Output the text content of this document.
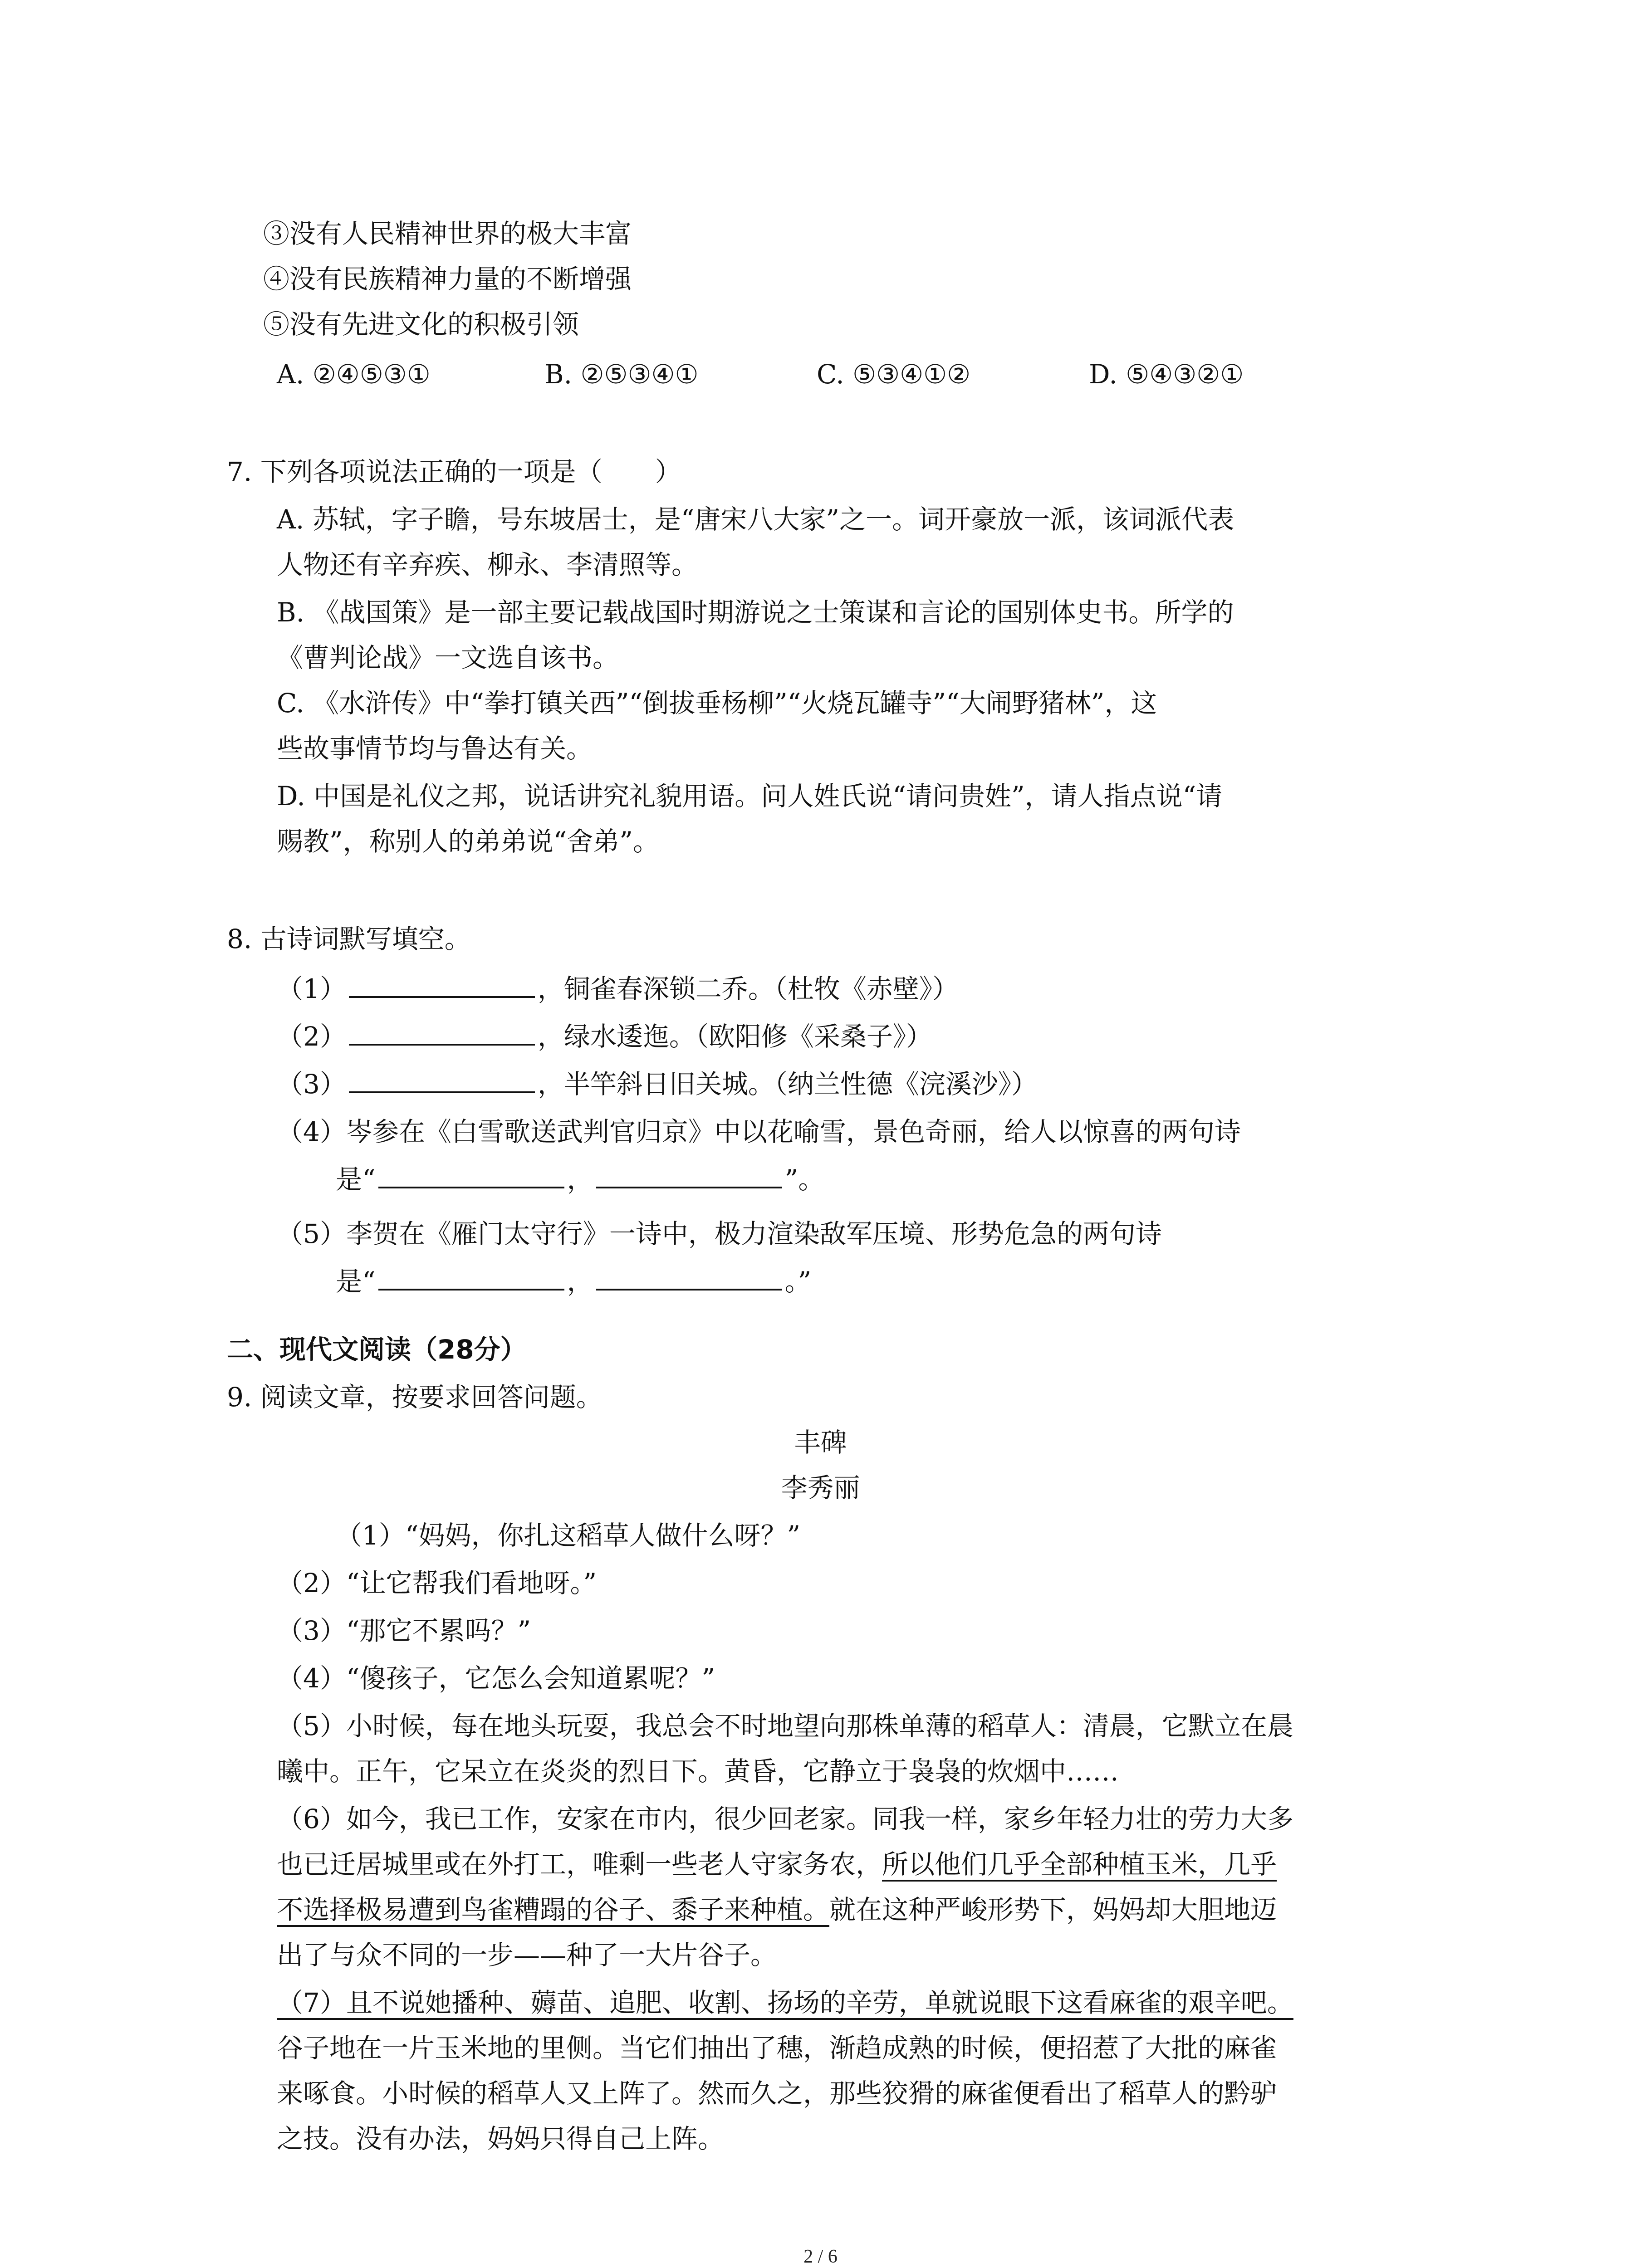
③没有人民精神世界的极大丰富
④没有民族精神力量的不断增强
⑤没有先进文化的积极引领
A. ②④⑤③①	B. ②⑤③④①	C. ⑤③④①②	D. ⑤④③②①
7. 下列各项说法正确的一项是（　　）
A. 苏轼，字子瞻，号东坡居士，是“唐宋八大家”之一。词开豪放一派，该词派代表
人物还有辛弃疾、柳永、李清照等。
B. 《战国策》是一部主要记载战国时期游说之士策谋和言论的国别体史书。所学的
《曹判论战》一文选自该书。
C. 《水浒传》中“拳打镇关西”“倒拔垂杨柳”“火烧瓦罐寺”“大闹野猪林”，这
些故事情节均与鲁达有关。
D. 中国是礼仪之邦，说话讲究礼貌用语。问人姓氏说“请问贵姓”，请人指点说“请
赐教”，称别人的弟弟说“舍弟”。
8. 古诗词默写填空。
（1）	，铜雀春深锁二乔。（杜牧《赤壁》）
（2）	，绿水逶迤。（欧阳修《采桑子》）
（3）	，半竿斜日旧关城。（纳兰性德《浣溪沙》）
（4）岑参在《白雪歌送武判官归京》中以花喻雪，景色奇丽，给人以惊喜的两句诗
是“	，	”。
（5）李贺在《雁门太守行》一诗中，极力渲染敌军压境、形势危急的两句诗
是“	，	。”
二、现代文阅读（28分）
9. 阅读文章，按要求回答问题。
丰碑
李秀丽
（1）“妈妈，你扎这稻草人做什么呀？”
（2）“让它帮我们看地呀。”
（3）“那它不累吗？”
（4）“傻孩子，它怎么会知道累呢？”
（5）小时候，每在地头玩耍，我总会不时地望向那株单薄的稻草人：清晨，它默立在晨
曦中。正午，它呆立在炎炎的烈日下。黄昏，它静立于袅袅的炊烟中……
（6）如今，我已工作，安家在市内，很少回老家。同我一样，家乡年轻力壮的劳力大多
也已迁居城里或在外打工，唯剩一些老人守家务农，所以他们几乎全部种植玉米，几乎
不选择极易遭到鸟雀糟蹋的谷子、黍子来种植。就在这种严峻形势下，妈妈却大胆地迈
出了与众不同的一步——种了一大片谷子。
（7）且不说她播种、薅苗、追肥、收割、扬场的辛劳，单就说眼下这看麻雀的艰辛吧。
谷子地在一片玉米地的里侧。当它们抽出了穗，渐趋成熟的时候，便招惹了大批的麻雀
来啄食。小时候的稻草人又上阵了。然而久之，那些狡猾的麻雀便看出了稻草人的黔驴
之技。没有办法，妈妈只得自己上阵。
2 / 6
